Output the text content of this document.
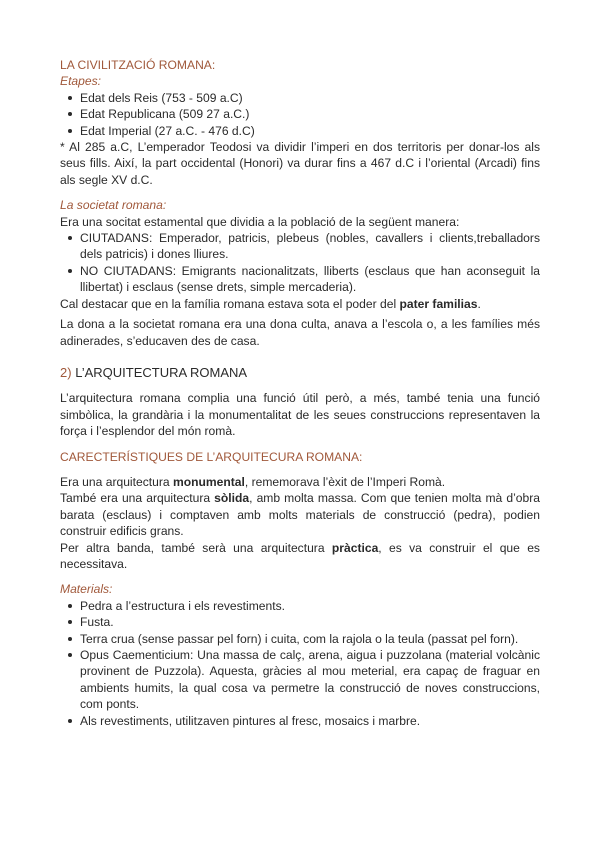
LA CIVILITZACIÓ ROMANA:

Etapes:

Edat dels Reis (753 - 509 a.C)
Edat Republicana (509 27 a.C.)
Edat Imperial (27 a.C. - 476 d.C)

* Al 285 a.C, L’emperador Teodosi va dividir l’imperi en dos territoris per donar-los als seus fills. Així, la part occidental (Honori) va durar fins a 467 d.C i l’oriental (Arcadi) fins als segle XV d.C.

La societat romana:

Era una socitat estamental que dividia a la població de la següent manera:

CIUTADANS: Emperador, patricis, plebeus (nobles, cavallers i clients,treballadors dels patricis) i dones lliures.
NO CIUTADANS: Emigrants nacionalitzats, lliberts (esclaus que han aconseguit la llibertat) i esclaus (sense drets, simple mercaderia).

Cal destacar que en la família romana estava sota el poder del pater familias.

La dona a la societat romana era una dona culta, anava a l’escola o, a les famílies més adinerades, s’educaven des de casa.

2) L’ARQUITECTURA ROMANA

L’arquitectura romana complia una funció útil però, a més, també tenia una funció simbòlica, la grandària i la monumentalitat de les seues construccions representaven la força i l’esplendor del món romà.

CARECTERÍSTIQUES DE L’ARQUITECURA ROMANA:

Era una arquitectura monumental, rememorava l’èxit de l’Imperi Romà.

També era una arquitectura sòlida, amb molta massa. Com que tenien molta mà d’obra barata (esclaus) i comptaven amb molts materials de construcció (pedra), podien construir edificis grans.

Per altra banda, també serà una arquitectura pràctica, es va construir el que es necessitava.

Materials:

Pedra a l’estructura i els revestiments.
Fusta.
Terra crua (sense passar pel forn) i cuita, com la rajola o la teula (passat pel forn).
Opus Caementicium: Una massa de calç, arena, aigua i puzzolana (material volcànic provinent de Puzzola). Aquesta, gràcies al mou meterial, era capaç de fraguar en ambients humits, la qual cosa va permetre la construcció de noves construccions, com ponts.
Als revestiments, utilitzaven pintures al fresc, mosaics i marbre.
